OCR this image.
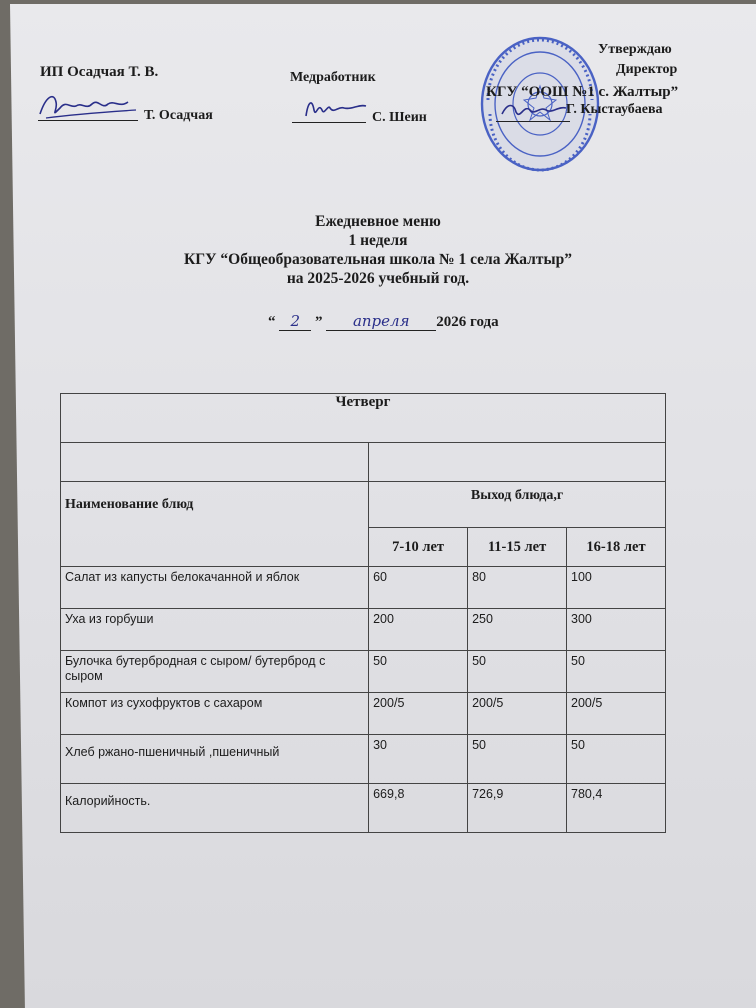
ИП Осадчая Т. В.
Т. Осадчая
Медработник
С. Шеин
Утверждаю
Директор
КГУ “ООШ №1 с. Жалтыр”
Г. Кыстаубаева
Ежедневное меню
1 неделя
КГУ “Общеобразовательная школа № 1 села Жалтыр”
на 2025-2026 учебный год.
“ 2 ” апреля 2026 года
Четверг			

Наименование блюд	Выход блюда,г		
	7-10 лет	11-15 лет	16-18 лет
Салат из капусты белокачанной и яблок	60	80	100
Уха из горбуши	200	250	300
Булочка бутербродная с сыром/ бутерброд с сыром	50	50	50
Компот из сухофруктов с сахаром	200/5	200/5	200/5
Хлеб ржано-пшеничный ,пшеничный	30	50	50
Калорийность.	669,8	726,9	780,4
